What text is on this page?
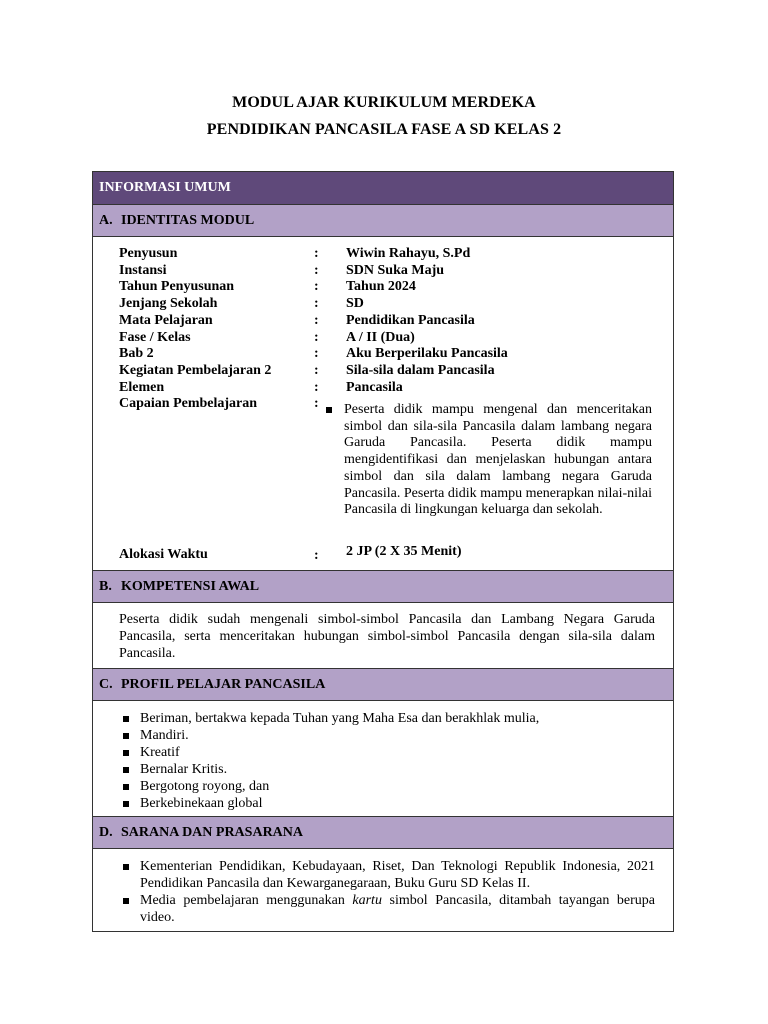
MODUL AJAR KURIKULUM MERDEKA
PENDIDIKAN PANCASILA FASE A SD KELAS 2
INFORMASI UMUM
A. IDENTITAS MODUL
Penyusun	: Wiwin Rahayu, S.Pd
Instansi	: SDN Suka Maju
Tahun Penyusunan	: Tahun 2024
Jenjang Sekolah	: SD
Mata Pelajaran	: Pendidikan Pancasila
Fase / Kelas	: A / II (Dua)
Bab 2	: Aku Berperilaku Pancasila
Kegiatan Pembelajaran 2	: Sila-sila dalam Pancasila
Elemen	: Pancasila
Capaian Pembelajaran	: Peserta didik mampu mengenal dan menceritakan simbol dan sila-sila Pancasila dalam lambang negara Garuda Pancasila. Peserta didik mampu mengidentifikasi dan menjelaskan hubungan antara simbol dan sila dalam lambang negara Garuda Pancasila. Peserta didik mampu menerapkan nilai-nilai Pancasila di lingkungan keluarga dan sekolah.
Alokasi Waktu	: 2 JP (2 X 35 Menit)
B. KOMPETENSI AWAL
Peserta didik sudah mengenali simbol-simbol Pancasila dan Lambang Negara Garuda Pancasila, serta menceritakan hubungan simbol-simbol Pancasila dengan sila-sila dalam Pancasila.
C. PROFIL PELAJAR PANCASILA
Beriman, bertakwa kepada Tuhan yang Maha Esa dan berakhlak mulia,
Mandiri.
Kreatif
Bernalar Kritis.
Bergotong royong, dan
Berkebinekaan global
D. SARANA DAN PRASARANA
Kementerian Pendidikan, Kebudayaan, Riset, Dan Teknologi Republik Indonesia, 2021 Pendidikan Pancasila dan Kewarganegaraan, Buku Guru SD Kelas II.
Media pembelajaran menggunakan kartu simbol Pancasila, ditambah tayangan berupa video.
